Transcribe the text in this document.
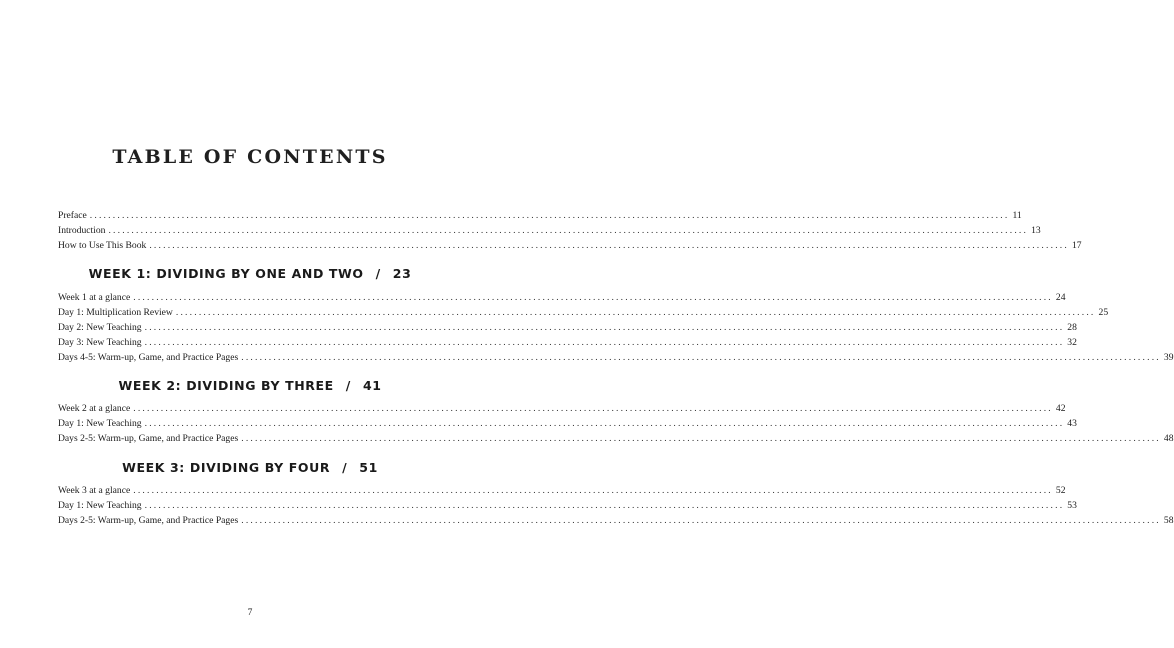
TABLE OF CONTENTS
Preface ........................................................................................................................................................................................................ 11
Introduction ........................................................................................................................................................................................................ 13
How to Use This Book ........................................................................................................................................................................................................ 17
WEEK 1: DIVIDING BY ONE AND TWO / 23
Week 1 at a glance ........................................................................................................................................................................................................ 24
Day 1: Multiplication Review ........................................................................................................................................................................................................ 25
Day 2: New Teaching ........................................................................................................................................................................................................ 28
Day 3: New Teaching ........................................................................................................................................................................................................ 32
Days 4-5: Warm-up, Game, and Practice Pages ........................................................................................................................................................................................................ 39
WEEK 2: DIVIDING BY THREE / 41
Week 2 at a glance ........................................................................................................................................................................................................ 42
Day 1: New Teaching ........................................................................................................................................................................................................ 43
Days 2-5: Warm-up, Game, and Practice Pages ........................................................................................................................................................................................................ 48
WEEK 3: DIVIDING BY FOUR / 51
Week 3 at a glance ........................................................................................................................................................................................................ 52
Day 1: New Teaching ........................................................................................................................................................................................................ 53
Days 2-5: Warm-up, Game, and Practice Pages ........................................................................................................................................................................................................ 58
7
